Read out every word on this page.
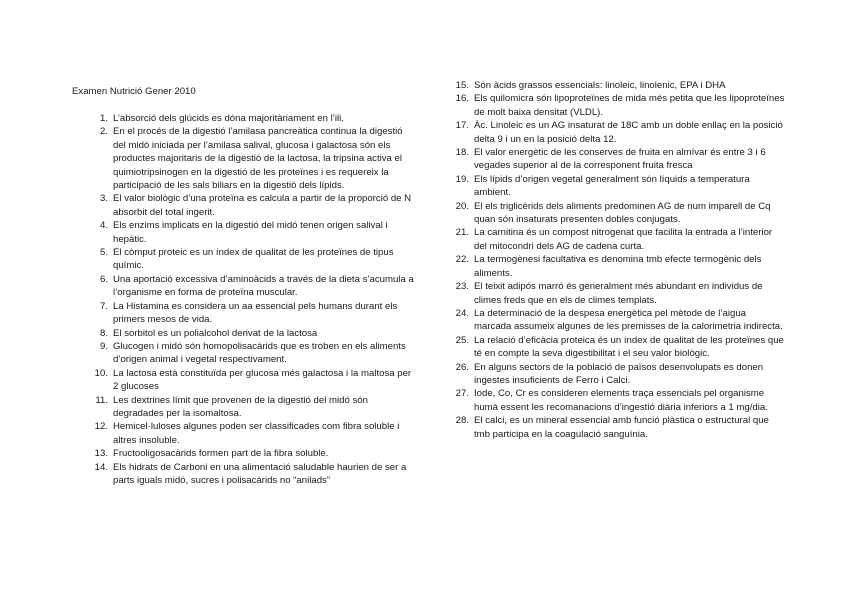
Examen Nutrició Gener 2010
1. L’absorció dels glúcids es dóna majoritàriament en l’ili.
2. En el procés de la digestió l’amilasa pancreàtica continua la digestió del midó iniciada per l’amilasa salival, glucosa i galactosa són els productes majoritaris de la digestió de la lactosa, la tripsina activa el quimiotripsinogen en la digestió de les proteïnes i es requereix la participació de les sals biliars en la digestió dels lípids.
3. El valor biològic d’una proteïna es calcula a partir de la proporció de N absorbit del total ingerit.
4. Els enzims implicats en la digestió del midó tenen origen salival i hepàtic.
5. El còmput proteic es un índex de qualitat de les proteïnes de tipus químic.
6. Una aportació excessiva d’aminoàcids a través de la dieta s’acumula a l’organisme en forma de proteïna muscular.
7. La Histamina es considera un aa essencial pels humans durant els primers mesos de vida.
8. El sorbitol es un polialcohol derivat de la lactosa
9. Glucogen i midó són homopolisacàrids que es troben en els aliments d’origen animal i vegetal respectivament.
10. La lactosa està constituïda per glucosa més galactosa i la maltosa per 2 glucoses
11. Les dextrines límit que provenen de la digestió del midó són degradades per la isomaltosa.
12. Hemicel·luloses algunes poden ser classificades com fibra soluble i altres insoluble.
13. Fructooligosacàrids formen part de la fibra soluble.
14. Els hidrats de Carboni en una alimentació saludable haurien de ser a parts iguals midó, sucres i polisacàrids no “anilads”
15. Són àcids grassos essencials: linoleic, linolenic, EPA i DHA
16. Els quilomicra són lipoproteïnes de mida més petita que les lipoproteïnes de molt baixa densitat (VLDL).
17. Àc. Linoleic es un AG insaturat de 18C amb un doble enllaç en la posició delta 9 i un en la posició delta 12.
18. El valor energètic de les conserves de fruita en almívar és entre 3 i 6 vegades superior al de la corresponent fruita fresca
19. Els lípids d’origen vegetal generalment són líquids a temperatura ambient.
20. El els triglicèrids dels aliments predominen AG de num imparell de Cq quan són insaturats presenten dobles conjugats.
21. La carnitina és un compost nitrogenat que facilita la entrada a l’interior del mitocondri dels AG de cadena curta.
22. La termogènesi facultativa es denomina tmb efecte termogènic dels aliments.
23. El teixit adipós marró és generalment més abundant en individus de climes freds que en els de climes templats.
24. La determinació de la despesa energètica pel mètode de l’aigua marcada assumeix algunes de les premisses de la calorimetria indirecta.
25. La relació d’eficàcia proteica és un índex de qualitat de les proteïnes que té en compte la seva digestibilitat i el seu valor biològic.
26. En alguns sectors de la població de països desenvolupats es donen ingestes insuficients de Ferro i Calci.
27. Iode, Co, Cr es consideren elements traça essencials pel organisme humà essent les recomanacions d’ingestió diària inferiors a 1 mg/dia.
28. El calci, es un mineral essencial amb funció plàstica o estructural que tmb participa en la coagulació sanguínia.
